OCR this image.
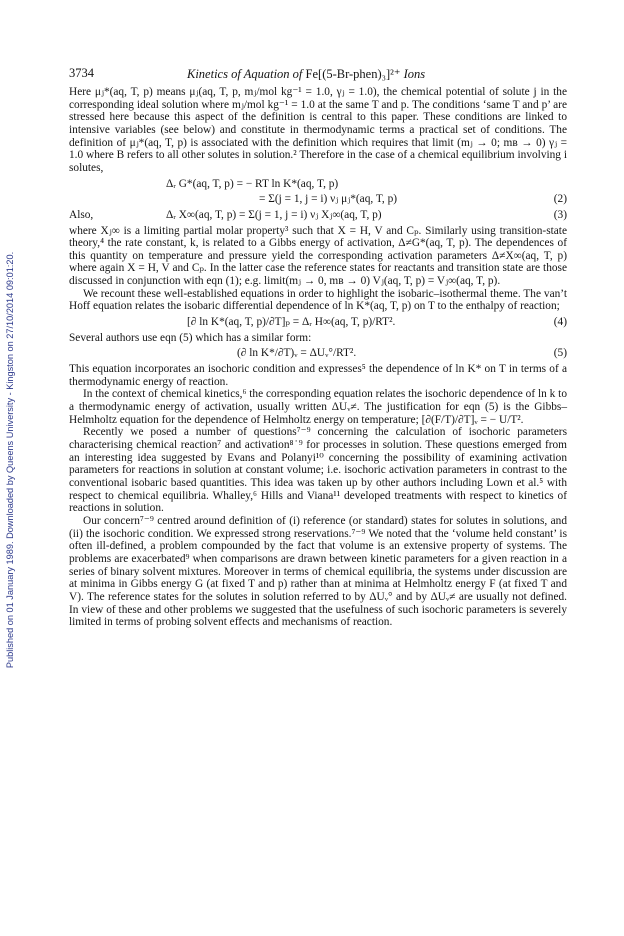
Published on 01 January 1989. Downloaded by Queens University - Kingston on 27/10/2014 09:01:20.
3734	Kinetics of Aquation of Fe[(5-Br-phen)₃]²⁺ Ions

Here μⱼ*(aq, T, p) means μⱼ(aq, T, p, mⱼ/mol kg⁻¹ = 1.0, γⱼ = 1.0), the chemical potential of solute j in the corresponding ideal solution where mⱼ/mol kg⁻¹ = 1.0 at the same T and p. The conditions ‘same T and p’ are stressed here because this aspect of the definition is central to this paper. These conditions are linked to intensive variables (see below) and constitute in thermodynamic terms a practical set of conditions. The definition of μⱼ*(aq, T, p) is associated with the definition which requires that limit (mⱼ → 0; mʙ → 0) γⱼ = 1.0 where B refers to all other solutes in solution.² Therefore in the case of a chemical equilibrium involving i solutes,

Δᵣ G*(aq, T, p) = − RT ln K*(aq, T, p)
= Σ(j = 1, j = i) νⱼ μⱼ*(aq, T, p)	(2)
Also,	Δᵣ X∞(aq, T, p) = Σ(j = 1, j = i) νⱼ Xⱼ∞(aq, T, p)	(3)

where Xⱼ∞ is a limiting partial molar property³ such that X = H, V and Cₚ. Similarly using transition-state theory,⁴ the rate constant, k, is related to a Gibbs energy of activation, Δ≠G*(aq, T, p). The dependences of this quantity on temperature and pressure yield the corresponding activation parameters Δ≠X∞(aq, T, p) where again X = H, V and Cₚ. In the latter case the reference states for reactants and transition state are those discussed in conjunction with eqn (1); e.g. limit(mⱼ → 0, mʙ → 0) Vⱼ(aq, T, p) = Vⱼ∞(aq, T, p).

We recount these well-established equations in order to highlight the isobaric–isothermal theme. The van’t Hoff equation relates the isobaric differential dependence of ln K*(aq, T, p) on T to the enthalpy of reaction;

[∂ ln K*(aq, T, p)/∂T]ₚ = Δᵣ H∞(aq, T, p)/RT².	(4)

Several authors use eqn (5) which has a similar form:

(∂ ln K*/∂T)ᵥ = ΔUᵥ°/RT².	(5)

This equation incorporates an isochoric condition and expresses⁵ the dependence of ln K* on T in terms of a thermodynamic energy of reaction.

In the context of chemical kinetics,⁶ the corresponding equation relates the isochoric dependence of ln k to a thermodynamic energy of activation, usually written ΔUᵥ≠. The justification for eqn (5) is the Gibbs–Helmholtz equation for the dependence of Helmholtz energy on temperature; [∂(F/T)/∂T]ᵥ = − U/T².

Recently we posed a number of questions⁷⁻⁹ concerning the calculation of isochoric parameters characterising chemical reaction⁷ and activation⁸˙⁹ for processes in solution. These questions emerged from an interesting idea suggested by Evans and Polanyi¹⁰ concerning the possibility of examining activation parameters for reactions in solution at constant volume; i.e. isochoric activation parameters in contrast to the conventional isobaric based quantities. This idea was taken up by other authors including Lown et al.⁵ with respect to chemical equilibria. Whalley,⁶ Hills and Viana¹¹ developed treatments with respect to kinetics of reactions in solution.

Our concern⁷⁻⁹ centred around definition of (i) reference (or standard) states for solutes in solutions, and (ii) the isochoric condition. We expressed strong reservations.⁷⁻⁹ We noted that the ‘volume held constant’ is often ill-defined, a problem compounded by the fact that volume is an extensive property of systems. The problems are exacerbated⁹ when comparisons are drawn between kinetic parameters for a given reaction in a series of binary solvent mixtures. Moreover in terms of chemical equilibria, the systems under discussion are at minima in Gibbs energy G (at fixed T and p) rather than at minima at Helmholtz energy F (at fixed T and V). The reference states for the solutes in solution referred to by ΔUᵥ° and by ΔUᵥ≠ are usually not defined. In view of these and other problems we suggested that the usefulness of such isochoric parameters is severely limited in terms of probing solvent effects and mechanisms of reaction.
